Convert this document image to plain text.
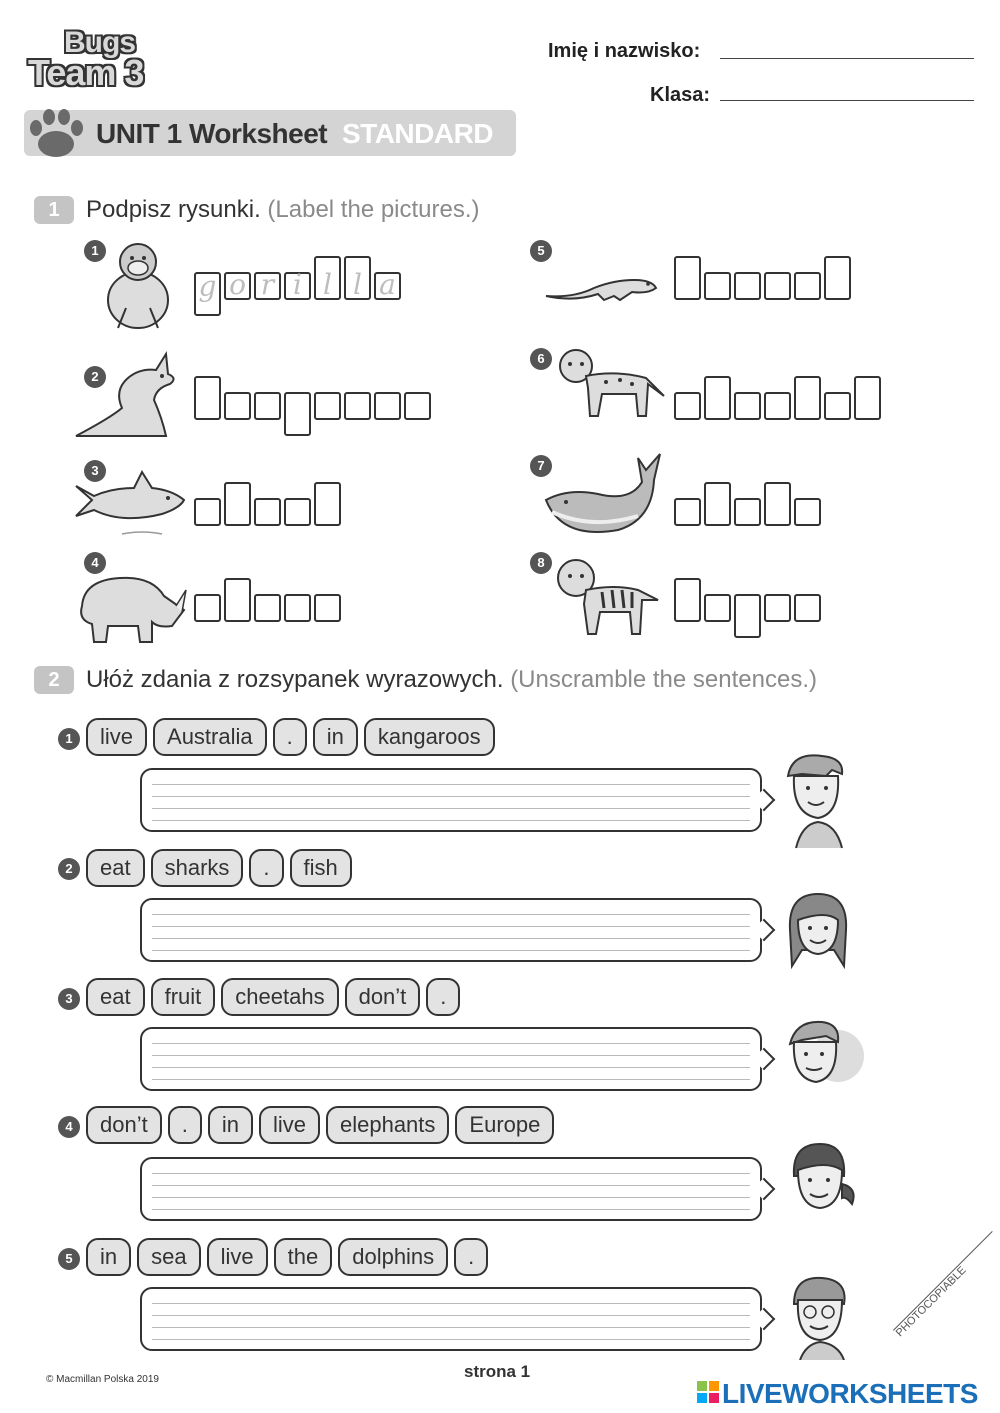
Bugs
Team 3
Imię i nazwisko:
Klasa:
UNIT 1 Worksheet STANDARD
1	Podpisz rysunki. (Label the pictures.)
1
g o r i l l a
2
3
4
5
6
7
8
2	Ułóż zdania z rozsypanek wyrazowych. (Unscramble the sentences.)
1	live	Australia	.	in	kangaroos
2	eat	sharks	.	fish
3	eat	fruit	cheetahs	don’t	.
4	don’t	.	in	live	elephants	Europe
5	in	sea	live	the	dolphins	.
© Macmillan Polska 2019	strona 1
PHOTOCOPIABLE
LIVEWORKSHEETS
